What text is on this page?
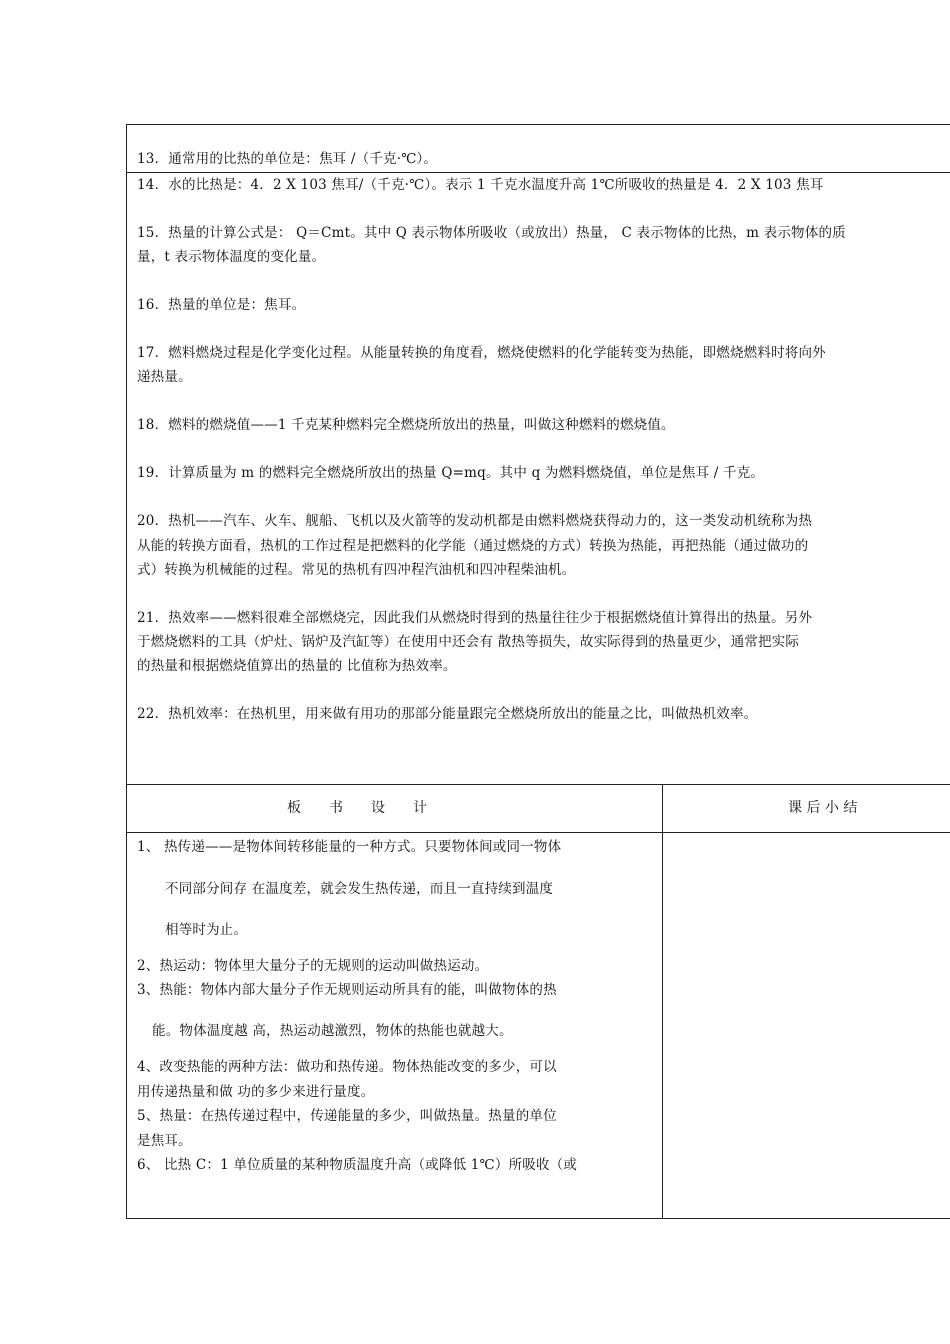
13．通常用的比热的单位是：焦耳 /（千克·℃）。
14．水的比热是：4．2 X 103 焦耳/（千克·℃）。表示 1 千克水温度升高 1℃所吸收的热量是 4．2 X 103 焦耳
15．热量的计算公式是： Q＝Cmt。其中 Q 表示物体所吸收（或放出）热量， C 表示物体的比热，m 表示物体的质
量，t 表示物体温度的变化量。
16．热量的单位是：焦耳。
17．燃料燃烧过程是化学变化过程。从能量转换的角度看，燃烧使燃料的化学能转变为热能，即燃烧燃料时将向外
递热量。
18．燃料的燃烧值——1 千克某种燃料完全燃烧所放出的热量，叫做这种燃料的燃烧值。
19．计算质量为 m 的燃料完全燃烧所放出的热量 Q=mq。其中 q 为燃料燃烧值，单位是焦耳 / 千克。
20．热机——汽车、火车、舰船、飞机以及火箭等的发动机都是由燃料燃烧获得动力的，这一类发动机统称为热
从能的转换方面看，热机的工作过程是把燃料的化学能（通过燃烧的方式）转换为热能，再把热能（通过做功的
式）转换为机械能的过程。常见的热机有四冲程汽油机和四冲程柴油机。
21．热效率——燃料很难全部燃烧完，因此我们从燃烧时得到的热量往往少于根据燃烧值计算得出的热量。另外
于燃烧燃料的工具（炉灶、锅炉及汽缸等）在使用中还会有 散热等损失，故实际得到的热量更少，通常把实际
的热量和根据燃烧值算出的热量的 比值称为热效率。
22．热机效率：在热机里，用来做有用功的那部分能量跟完全燃烧所放出的能量之比，叫做热机效率。
板　　书　　设　　计	课 后 小 结
1、 热传递——是物体间转移能量的一种方式。只要物体间或同一物体
不同部分间存 在温度差，就会发生热传递，而且一直持续到温度
相等时为止。
2、热运动：物体里大量分子的无规则的运动叫做热运动。
3、热能：物体内部大量分子作无规则运动所具有的能，叫做物体的热
能。物体温度越 高，热运动越激烈，物体的热能也就越大。
4、改变热能的两种方法：做功和热传递。物体热能改变的多少，可以
用传递热量和做 功的多少来进行量度。
5、热量：在热传递过程中，传递能量的多少，叫做热量。热量的单位
是焦耳。
6、 比热 C：1 单位质量的某种物质温度升高（或降低 1℃）所吸收（或
